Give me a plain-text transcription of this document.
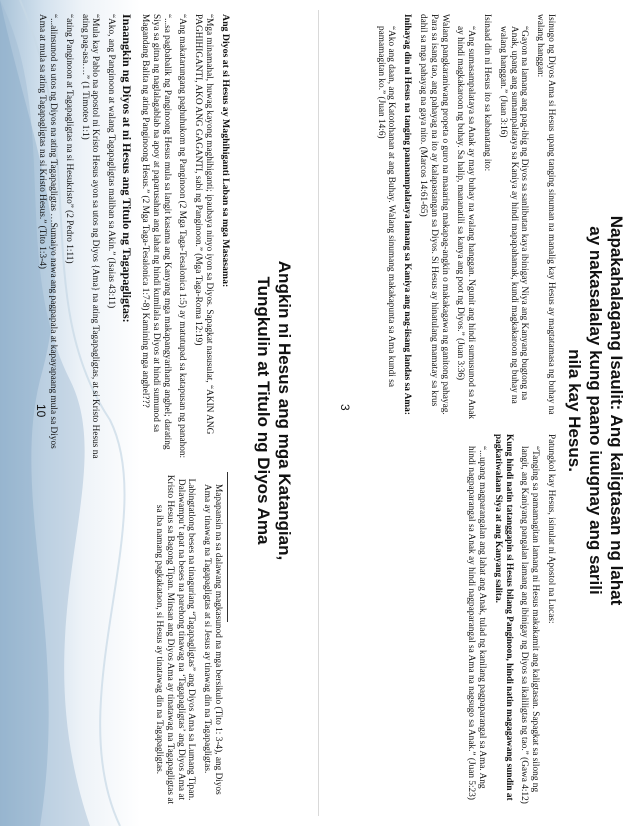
Angkin ni Hesus ang mga Katangian,
Tungkulin at Titulo ng Diyos Ama

Ang Diyos at si Hesus ay Maghihiganti Laban sa mga Masasama:

“Mga minamahal, huwag kayong maghihiganti; ipaubaya ninyo iyon sa Diyos. Sapagkat nasusulat, “AKIN ANG PAGHIHIGANTI, AKO ANG GAGANTI, sabi ng Panginoon.” (Mga Taga-Roma 12:19)

“Ang makatarungang paghuhukom ng Panginoon (2 Mga Taga-Tesalonica 1:5) ay matutupad sa katapusan ng panahon:

“...sa pagbabalik ng Panginoong Hesus mula sa langit kasama ang Kanyang mga makapangyarihang anghel; darating Siya sa gitna ng naglalagablab na apoy at paparusahan ang lahat ng hindi kumilala sa Diyos at hindi sumunod sa Magandang Balita ng ating Panginoong Hesus.” (2 Mga Taga-Tesalonica 1:7-8) Kamining mga anghel???

Inaangkin ng Diyos at ni Hesus ang Titulo ng Tagapagligtas:

“Ako, ang Panginoon at walang Tagapagligtas maliban sa Akin.” (Isaias 43:11)

“Mula kay Pablo na apostol ni Kristo Hesus ayon sa utos ng Diyos {Ama} na ating Tagapagligtas, at si Kristo Hesus na ating pag-asa….” (1 Timoteo 1:1)

“ating Panginoon at Tagapagligtas na si Hesukristo” (2 Pedro 1:11)

“...alinsunod sa utos ng Diyos na ating Tagapagligtas …Sumaiyo nawa ang pagpapala at kapayapaang mula sa Diyos Ama at mula sa ating Tagapagligtas na si Kristo Hesus.” (Tito 1:3-4)

Mapapansin na sa dalawang magkasunod na mga bersikulo (Tito 1: 3-4), ang Diyos Ama ay tinawag na Tagapagligtas at si Jesus ay tinawag din na Tagapagligtas.

Labingtatlong beses na tinaguriang “Tagapagligtas” ang Diyos Ama sa Lumang Tipan. Dalawampu’t apat na beses na parehong tinawag na ‘Tagapagligtas’ ang Diyos Ama at Kristo Hesus sa Bagong Tipan. Minsan ang Diyos Ama ay tinatawag na Tagapagligtas at sa iba namang pagkakataon, si Hesus ay tinatawag din na Tagapagligtas.

10	Napakahalagang Isaulit: Ang kaligtasan ng lahat
ay nakasalalay kung paano iuugnay ang sarili
nila kay Hesus.

Isinugo ng Diyos Ama si Hesus upang tanging sinuman na manalig kay Hesus ay magtatamasa ng buhay na walang hanggan:

“Gayon na lamang ang pag-ibig ng Diyos sa sanlibutan kaya ibinigay Niya ang Kanyang bugtong na Anak, upang ang sumampalataya sa Kaniya ay hindi mapapahamak, kundi magkakaroon ng buhay na walang hanggan.” (Juan 3:16)

Isinaad din ni Hesus ito sa kabanatang ito:

“Ang sumasampalataya sa Anak ay may buhay na walang hanggan. Ngunit ang hindi sumusunod sa Anak ay hindi magkakaroon ng buhay. Sa halip, mananatili sa kanya ang poot ng Diyos.” (Juan 3:36)

Walang pangkaraniwang propeta o guro na maaaring makapag-angkin o makakagawa ng ganitong pahayag. Para sa isang tao, ang pahayag na ito ay kalapastangan sa Diyos. Si Hesus ay hinatulang mamatay sa krus dahil sa mga pahayag na gaya nito. (Marcos 14:61-65)

Inihayag din ni Hesus na tanging pananampalataya lamang sa Kaniya ang nag-iisang landas sa Ama:

“Ako ang daan, ang Katotohanan at ang Buhay. Walang sinumang makakapunta sa Ama kundi sa pamamagitan ko.” (Juan 14:6)

Patungkol kay Hesus, isinulat ni Apostol na Lucas:

“Tanging sa pamamagitan lamang ni Hesus makakamit ang kaligtasan. Sapagkat sa silong ng langit, ang Kaniyang pangalan lamang ang ibinigay ng Diyos sa ikaliligtas ng tao.” (Gawa 4:12)

Kung hindi natin tatanggapin si Hesus bilang Panginoon, hindi natin magagawang sundin at pagkatiwalaan Siya at ang Kanyang salita.

“...upang magparangalan ang lahat ang Anak, tulad ng kanilang pagpaparangal sa Ama. Ang hindi nagpaparangal sa Anak ay hindi nagpaparangal sa Ama na nagsugo sa Anak.” (Juan 5:23)

3
